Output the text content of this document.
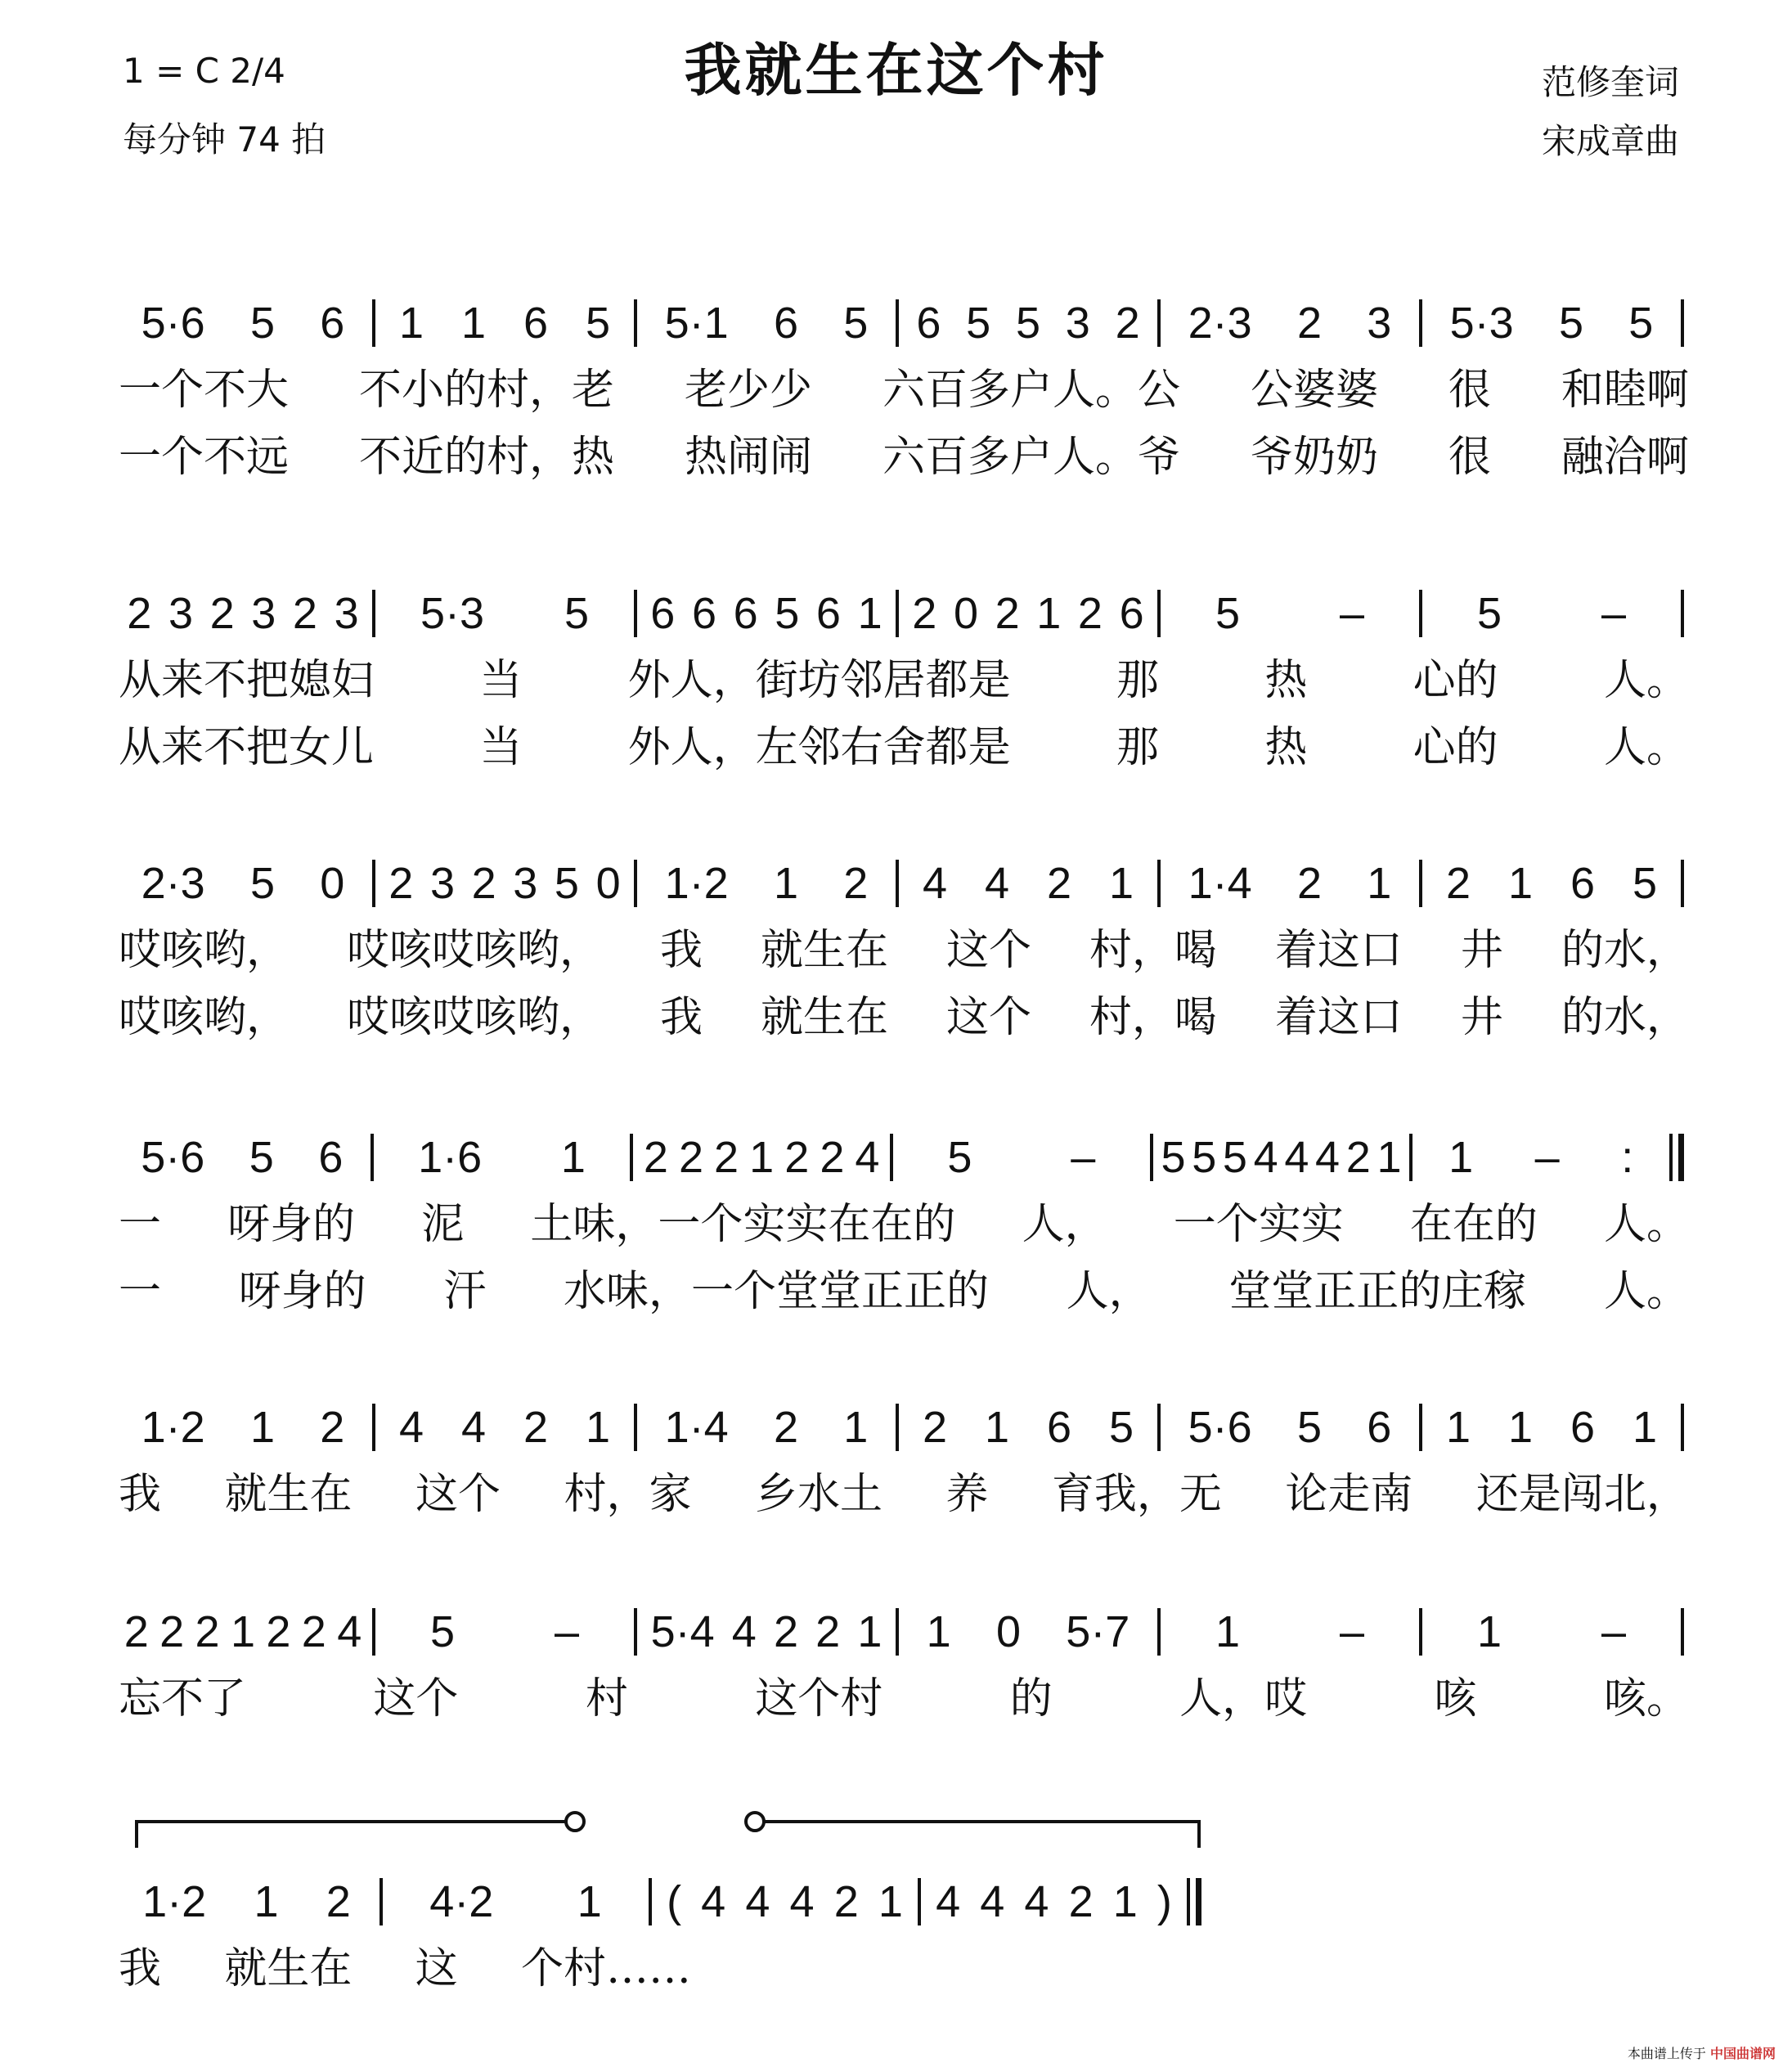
我就生在这个村
1 = C 2/4
每分钟 74 拍
范修奎词
宋成章曲
5·6 5 6 1 1 6 5 5·1 6 5 6 5 5 3 2 2·3 2 3 5·3 5 5
一个不大 不小的村，老 老少少 六百多户人。公 公婆婆 很 和睦啊
一个不远 不近的村，热 热闹闹 六百多户人。爷 爷奶奶 很 融洽啊
2 3 2 3 2 3 5·3 5 6 6 6 5 6 1 2 0 2 1 2 6 5 –	5 –
从来不把媳妇 当 外人，街坊邻居都是 那 热 心的 人。
从来不把女儿 当 外人，左邻右舍都是 那 热 心的 人。
2·3 5 0 2 3 2 3 5 0 1·2 1 2 4 4 2 1 1·4 2 1 2 1 6 5
哎咳哟， 哎咳哎咳哟， 我 就生在 这个 村，喝 着这口 井 的水，
哎咳哟， 哎咳哎咳哟， 我 就生在 这个 村，喝 着这口 井 的水，
5·6 5 6 1·6 1 2 2 2 1 2 2 4 5 – 5 5 5 4 4 4 2 1 1 – :
一 呀身的 泥 土味，一个实实在在的 人， 一个实实 在在的 人。
一 呀身的 汗 水味，一个堂堂正正的 人， 堂堂正正的庄稼 人。
1·2 1 2 4 4 2 1 1·4 2 1 2 1 6 5 5·6 5 6 1 1 6 1
我 就生在 这个 村，家 乡水土 养 育我，无 论走南 还是闯北，
2 2 2 1 2 2 4 5 – 5·4 4 2 2 1 1 0 5·7 1 –	1 –
忘不了	这个	村	这个村	的	人，哎	咳	咳。
1·2 1 2 4·2 1 ( 4 4 4 2 1 4 4 4 2 1 )
我 就生在 这 个村……
本曲谱上传于 中国曲谱网
